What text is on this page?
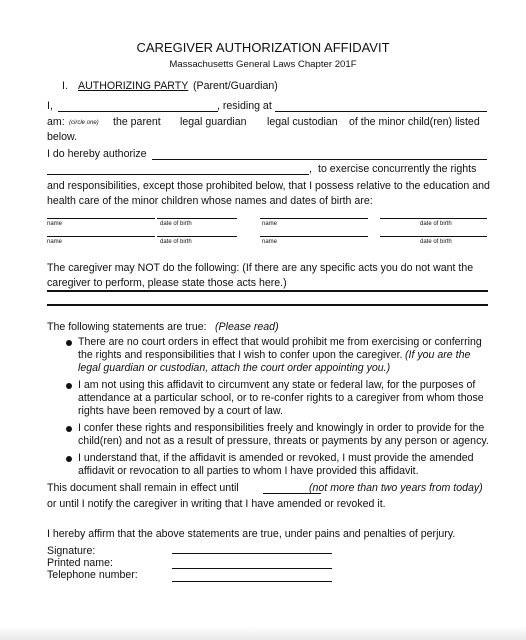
CAREGIVER AUTHORIZATION AFFIDAVIT
Massachusetts General Laws Chapter 201F
I. AUTHORIZING PARTY (Parent/Guardian)
I,	, residing at
am: (circle one) the parent legal guardian legal custodian of the minor child(ren) listed
below.
I do hereby authorize
, to exercise concurrently the rights
and responsibilities, except those prohibited below, that I possess relative to the education and
health care of the minor children whose names and dates of birth are:
name	date of birth	name	date of birth
name	date of birth	name	date of birth
The caregiver may NOT do the following: (If there are any specific acts you do not want the
caregiver to perform, please state those acts here.)
The following statements are true: (Please read)
There are no court orders in effect that would prohibit me from exercising or conferring
the rights and responsibilities that I wish to confer upon the caregiver. (If you are the
legal guardian or custodian, attach the court order appointing you.)
I am not using this affidavit to circumvent any state or federal law, for the purposes of
attendance at a particular school, or to re-confer rights to a caregiver from whom those
rights have been removed by a court of law.
I confer these rights and responsibilities freely and knowingly in order to provide for the
child(ren) and not as a result of pressure, threats or payments by any person or agency.
I understand that, if the affidavit is amended or revoked, I must provide the amended
affidavit or revocation to all parties to whom I have provided this affidavit.
This document shall remain in effect until	(not more than two years from today)
or until I notify the caregiver in writing that I have amended or revoked it.
I hereby affirm that the above statements are true, under pains and penalties of perjury.
Signature:
Printed name:
Telephone number:
